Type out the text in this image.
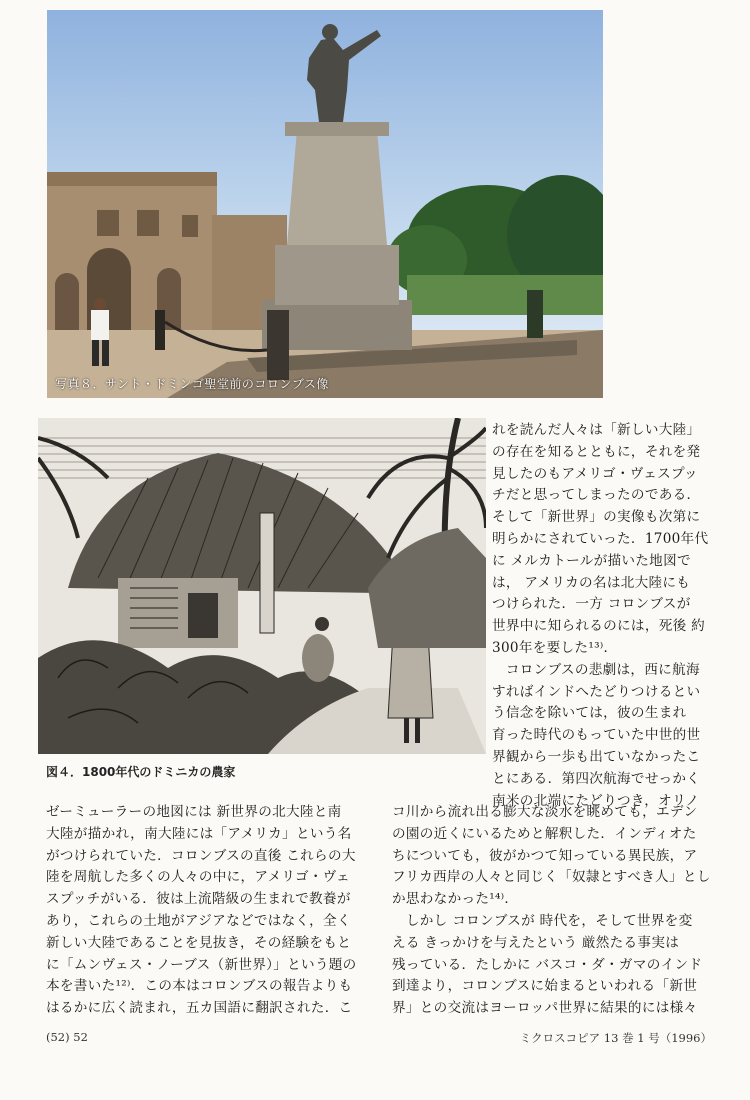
写真８．サント・ドミンゴ聖堂前のコロンブス像
図４．1800年代のドミニカの農家

れを読んだ人々は「新しい大陸」

の存在を知るとともに，それを発

見したのもアメリゴ・ヴェスプッ

チだと思ってしまったのである．

そして「新世界」の実像も次第に

明らかにされていった．1700年代

に メルカトールが描いた地図で

は， アメリカの名は北大陸にも

つけられた．一方 コロンブスが

世界中に知られるのには，死後 約

300年を要した¹³⁾．

　コロンブスの悲劇は，西に航海

すればインドへたどりつけるとい

う信念を除いては，彼の生まれ

育った時代のもっていた中世的世

界観から一歩も出ていなかったこ

とにある．第四次航海でせっかく

南米の北端にたどりつき，オリノ

ゼーミューラーの地図には 新世界の北大陸と南

大陸が描かれ，南大陸には「アメリカ」という名

がつけられていた．コロンブスの直後 これらの大

陸を周航した多くの人々の中に，アメリゴ・ヴェ

スプッチがいる．彼は上流階級の生まれで教養が

あり，これらの土地がアジアなどではなく，全く

新しい大陸であることを見抜き，その経験をもと

に「ムンヴェス・ノーブス（新世界）」という題の

本を書いた¹²⁾．この本はコロンブスの報告よりも

はるかに広く読まれ，五カ国語に翻訳された．こ

コ川から流れ出る膨大な淡水を眺めても，エデン

の園の近くにいるためと解釈した．インディオた

ちについても，彼がかつて知っている異民族，ア

フリカ西岸の人々と同じく「奴隷とすべき人」とし

か思わなかった¹⁴⁾．

　しかし コロンブスが 時代を，そして世界を変

える きっかけを与えたという 厳然たる事実は

残っている．たしかに バスコ・ダ・ガマのインド

到達より，コロンブスに始まるといわれる「新世

界」との交流はヨーロッパ世界に結果的には様々

(52) 52	ミクロスコピア 13 巻 1 号（1996）
